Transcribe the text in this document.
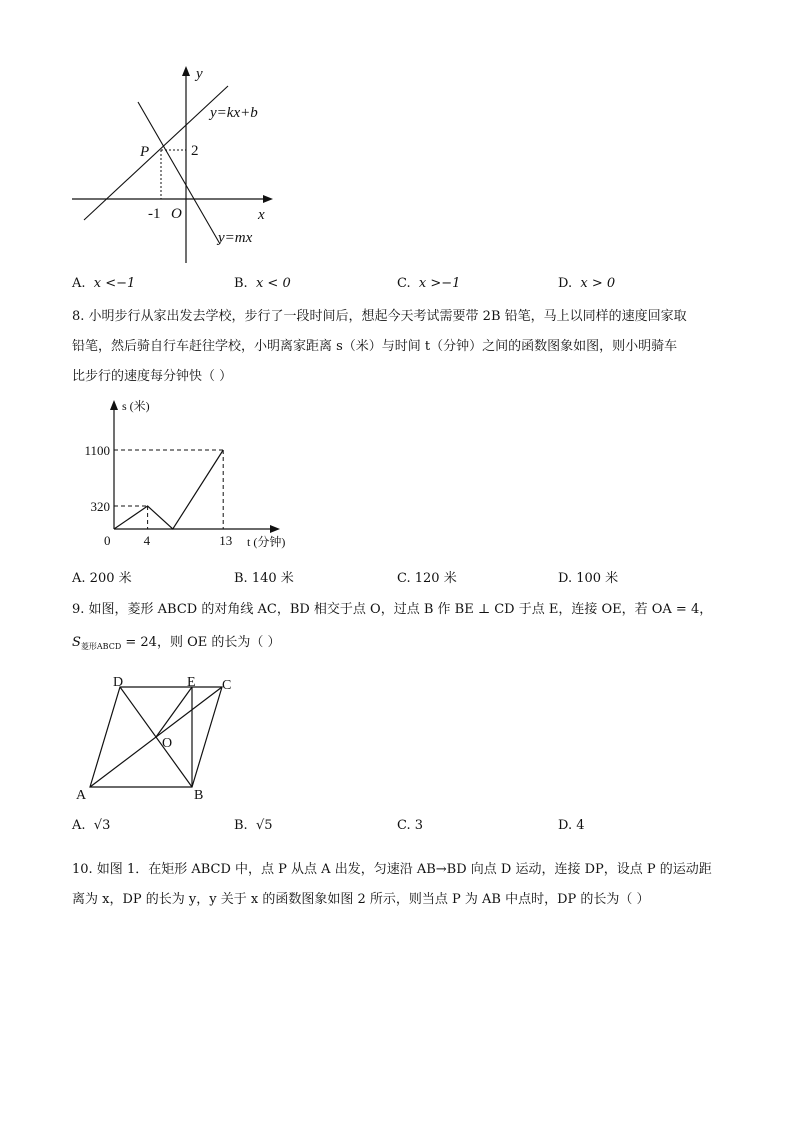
y
x
y=kx+b
y=mx
P	2
-1 O
A. x <−1	B. x < 0	C. x >−1	D. x > 0
8. 小明步行从家出发去学校，步行了一段时间后，想起今天考试需要带 2B 铅笔，马上以同样的速度回家取
铅笔，然后骑自行车赶往学校，小明离家距离 s（米）与时间 t（分钟）之间的函数图象如图，则小明骑车
比步行的速度每分钟快（ ）
0	4	13
320
1100
s (米)
t (分钟)
A. 200 米	B. 140 米	C. 120 米	D. 100 米
9. 如图，菱形 ABCD 的对角线 AC，BD 相交于点 O，过点 B 作 BE ⊥ CD 于点 E，连接 OE，若 OA = 4，
$S_{菱形ABCD} = 24$，则 OE 的长为（ ）
A	B
C
D	E
O
A. √3	B. √5	C. 3	D. 4
10. 如图 1．在矩形 ABCD 中，点 P 从点 A 出发，匀速沿 AB→BD 向点 D 运动，连接 DP，设点 P 的运动距
离为 x，DP 的长为 y，y 关于 x 的函数图象如图 2 所示，则当点 P 为 AB 中点时，DP 的长为（ ）
